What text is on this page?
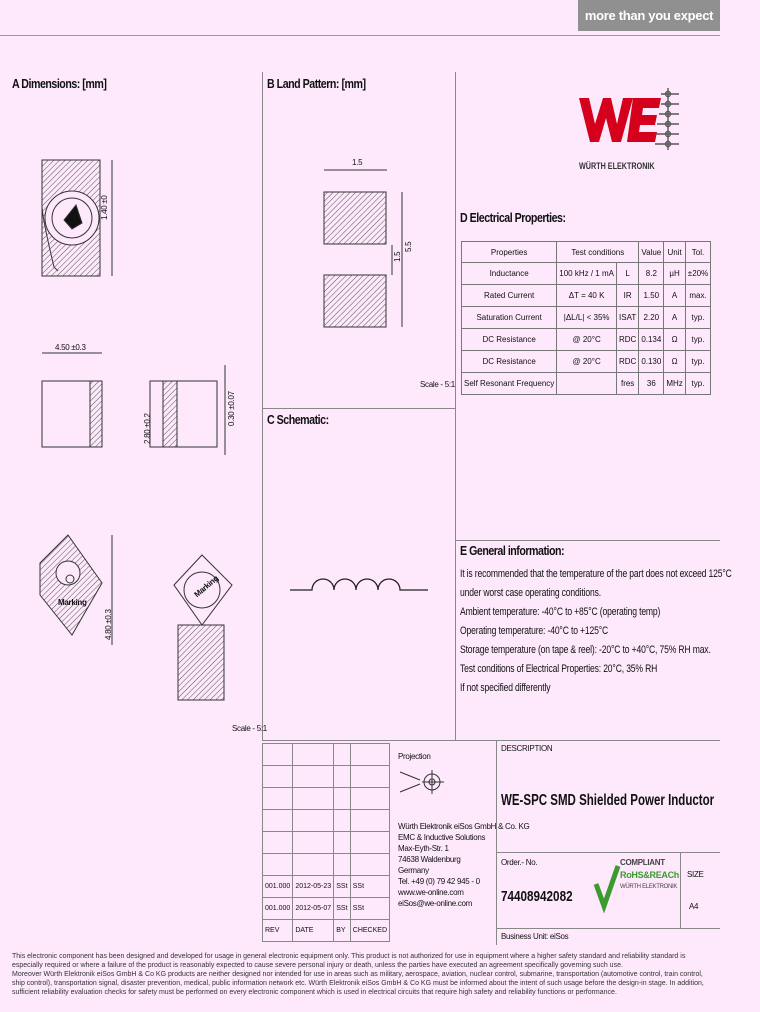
more than you expect
A Dimensions: [mm]	B Land Pattern: [mm]
C Schematic:
D Electrical Properties:
E General information:
WÜRTH ELEKTRONIK
1.40 ±0
4.50 ±0.3
2.80 ±0.2
0.30 ±0.07
4.80 ±0.3
Marking
Marking
Scale - 5:1
1.5
5.5
1.5
Scale - 5:1
Properties	Test conditions		Value	Unit	Tol.
Inductance	100 kHz / 1 mA	L	8.2	µH	±20%
Rated Current	ΔT = 40 K	IR	1.50	A	max.
Saturation Current	|ΔL/L| < 35%	ISAT	2.20	A	typ.
DC Resistance	@ 20°C	RDC	0.134	Ω	typ.
DC Resistance	@ 20°C	RDC	0.130	Ω	typ.
Self Resonant Frequency		fres	36	MHz	typ.
It is recommended that the temperature of the part does not exceed 125°C
under worst case operating conditions.
Ambient temperature: -40°C to +85°C (operating temp)
Operating temperature: -40°C to +125°C
Storage temperature (on tape & reel): -20°C to +40°C, 75% RH max.
Test conditions of Electrical Properties: 20°C, 35% RH
If not specified differently

001.000	2012-05-23	SSt	SSt
001.000	2012-05-07	SSt	SSt
REV	DATE	BY	CHECKED
Projection
Würth Elektronik eiSos GmbH & Co. KG
EMC & Inductive Solutions
Max-Eyth-Str. 1
74638 Waldenburg
Germany
Tel. +49 (0) 79 42 945 - 0
www.we-online.com
eiSos@we-online.com
DESCRIPTION
WE-SPC SMD Shielded Power Inductor
Order.- No.
74408942082
SIZE
A4
Business Unit: eiSos
COMPLIANT
RoHS&REACh
WÜRTH ELEKTRONIK
This electronic component has been designed and developed for usage in general electronic equipment only. This product is not authorized for use in equipment where a higher safety standard and reliability standard is especially required or where a failure of the product is reasonably expected to cause severe personal injury or death, unless the parties have executed an agreement specifically governing such use.
Moreover Würth Elektronik eiSos GmbH & Co KG products are neither designed nor intended for use in areas such as military, aerospace, aviation, nuclear control, submarine, transportation (automotive control, train control, ship control), transportation signal, disaster prevention, medical, public information network etc. Würth Elektronik eiSos GmbH & Co KG must be informed about the intent of such usage before the design-in stage. In addition, sufficient reliability evaluation checks for safety must be performed on every electronic component which is used in electrical circuits that require high safety and reliability functions or performance.
